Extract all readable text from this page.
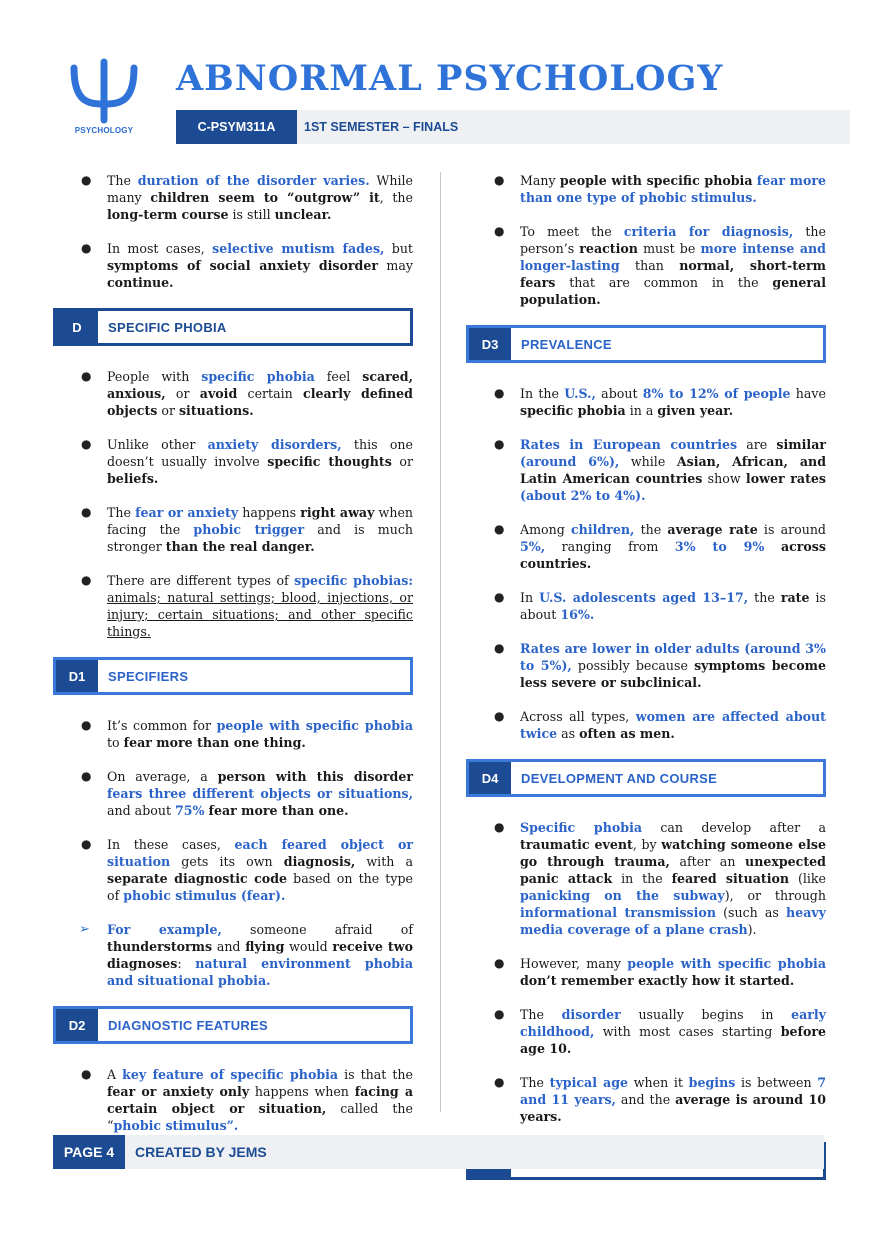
PSYCHOLOGY
ABNORMAL PSYCHOLOGY
C-PSYM311A	1ST SEMESTER – FINALS

● The duration of the disorder varies. While many children seem to “outgrow” it, the long-term course is still unclear.

● In most cases, selective mutism fades, but symptoms of social anxiety disorder may continue.

D	SPECIFIC PHOBIA

● People with specific phobia feel scared, anxious, or avoid certain clearly defined objects or situations.

● Unlike other anxiety disorders, this one doesn’t usually involve specific thoughts or beliefs.

● The fear or anxiety happens right away when facing the phobic trigger and is much stronger than the real danger.

● There are different types of specific phobias: animals; natural settings; blood, injections, or injury; certain situations; and other specific things.

D1	SPECIFIERS

● It’s common for people with specific phobia to fear more than one thing.

● On average, a person with this disorder fears three different objects or situations, and about 75% fear more than one.

● In these cases, each feared object or situation gets its own diagnosis, with a separate diagnostic code based on the type of phobic stimulus (fear).

➢ For example, someone afraid of thunderstorms and flying would receive two diagnoses: natural environment phobia and situational phobia.

D2	DIAGNOSTIC FEATURES

● A key feature of specific phobia is that the fear or anxiety only happens when facing a certain object or situation, called the “phobic stimulus”.

● Many people with specific phobia fear more than one type of phobic stimulus.

● To meet the criteria for diagnosis, the person’s reaction must be more intense and longer-lasting than normal, short-term fears that are common in the general population.

D3	PREVALENCE

● In the U.S., about 8% to 12% of people have specific phobia in a given year.

● Rates in European countries are similar (around 6%), while Asian, African, and Latin American countries show lower rates (about 2% to 4%).

● Among children, the average rate is around 5%, ranging from 3% to 9% across countries.

● In U.S. adolescents aged 13–17, the rate is about 16%.

● Rates are lower in older adults (around 3% to 5%), possibly because symptoms become less severe or subclinical.

● Across all types, women are affected about twice as often as men.

D4	DEVELOPMENT AND COURSE

● Specific phobia can develop after a traumatic event, by watching someone else go through trauma, after an unexpected panic attack in the feared situation (like panicking on the subway), or through informational transmission (such as heavy media coverage of a plane crash).

● However, many people with specific phobia don’t remember exactly how it started.

● The disorder usually begins in early childhood, with most cases starting before age 10.

● The typical age when it begins is between 7 and 11 years, and the average is around 10 years.

PAGE 4	CREATED BY JEMS
